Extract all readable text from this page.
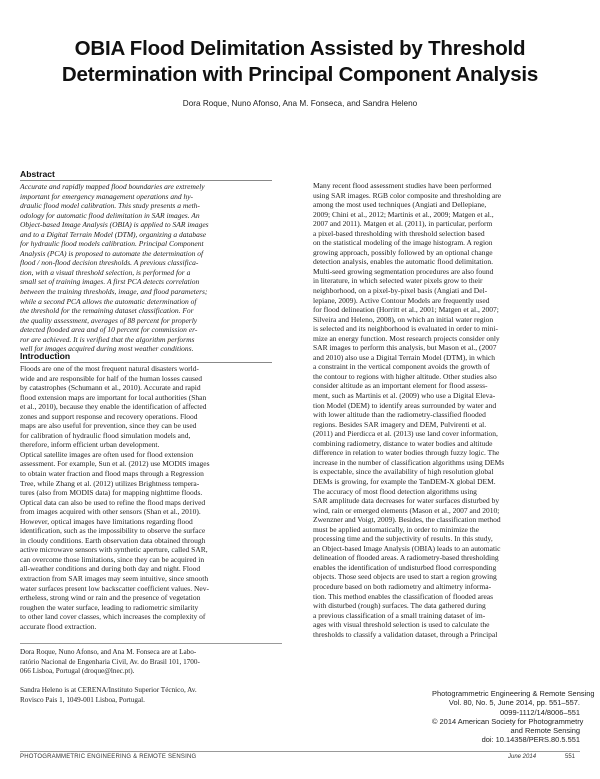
OBIA Flood Delimitation Assisted by Threshold
Determination with Principal Component Analysis
Dora Roque, Nuno Afonso, Ana M. Fonseca, and Sandra Heleno
Abstract
Accurate and rapidly mapped flood boundaries are extremely
important for emergency management operations and hy-
draulic flood model calibration. This study presents a meth-
odology for automatic flood delimitation in SAR images. An
Object-based Image Analysis (OBIA) is applied to SAR images
and to a Digital Terrain Model (DTM), organizing a database
for hydraulic flood models calibration. Principal Component
Analysis (PCA) is proposed to automate the determination of
flood / non-flood decision thresholds. A previous classifica-
tion, with a visual threshold selection, is performed for a
small set of training images. A first PCA detects correlation
between the training thresholds, image, and flood parameters;
while a second PCA allows the automatic determination of
the threshold for the remaining dataset classification. For
the quality assessment, averages of 88 percent for properly
detected flooded area and of 10 percent for commission er-
ror are achieved. It is verified that the algorithm performs
well for images acquired during most weather conditions.
Introduction
Floods are one of the most frequent natural disasters world-
wide and are responsible for half of the human losses caused
by catastrophes (Schumann et al., 2010). Accurate and rapid
flood extension maps are important for local authorities (Shan
et al., 2010), because they enable the identification of affected
zones and support response and recovery operations. Flood
maps are also useful for prevention, since they can be used
for calibration of hydraulic flood simulation models and,
therefore, inform efficient urban development.
Optical satellite images are often used for flood extension
assessment. For example, Sun et al. (2012) use MODIS images
to obtain water fraction and flood maps through a Regression
Tree, while Zhang et al. (2012) utilizes Brightness tempera-
tures (also from MODIS data) for mapping nighttime floods.
Optical data can also be used to refine the flood maps derived
from images acquired with other sensors (Shan et al., 2010).
However, optical images have limitations regarding flood
identification, such as the impossibility to observe the surface
in cloudy conditions. Earth observation data obtained through
active microwave sensors with synthetic aperture, called SAR,
can overcome those limitations, since they can be acquired in
all-weather conditions and during both day and night. Flood
extraction from SAR images may seem intuitive, since smooth
water surfaces present low backscatter coefficient values. Nev-
ertheless, strong wind or rain and the presence of vegetation
roughen the water surface, leading to radiometric similarity
to other land cover classes, which increases the complexity of
accurate flood extraction.
Dora Roque, Nuno Afonso, and Ana M. Fonseca are at Labo-
ratório Nacional de Engenharia Civil, Av. do Brasil 101, 1700-
066 Lisboa, Portugal (droque@lnec.pt).
Sandra Heleno is at CERENA/Instituto Superior Técnico, Av.
Rovisco Pais 1, 1049-001 Lisboa, Portugal.
Many recent flood assessment studies have been performed
using SAR images. RGB color composite and thresholding are
among the most used techniques (Angiati and Dellepiane,
2009; Chini et al., 2012; Martinis et al., 2009; Matgen et al.,
2007 and 2011). Matgen et al. (2011), in particular, perform
a pixel-based thresholding with threshold selection based
on the statistical modeling of the image histogram. A region
growing approach, possibly followed by an optional change
detection analysis, enables the automatic flood delimitation.
Multi-seed growing segmentation procedures are also found
in literature, in which selected water pixels grow to their
neighborhood, on a pixel-by-pixel basis (Angiati and Del-
lepiane, 2009). Active Contour Models are frequently used
for flood delineation (Horritt et al., 2001; Matgen et al., 2007;
Silveira and Heleno, 2008), on which an initial water region
is selected and its neighborhood is evaluated in order to mini-
mize an energy function. Most research projects consider only
SAR images to perform this analysis, but Mason et al., (2007
and 2010) also use a Digital Terrain Model (DTM), in which
a constraint in the vertical component avoids the growth of
the contour to regions with higher altitude. Other studies also
consider altitude as an important element for flood assess-
ment, such as Martinis et al. (2009) who use a Digital Eleva-
tion Model (DEM) to identify areas surrounded by water and
with lower altitude than the radiometry-classified flooded
regions. Besides SAR imagery and DEM, Pulvirenti et al.
(2011) and Pierdicca et al. (2013) use land cover information,
combining radiometry, distance to water bodies and altitude
difference in relation to water bodies through fuzzy logic. The
increase in the number of classification algorithms using DEMs
is expectable, since the availability of high resolution global
DEMs is growing, for example the TanDEM-X global DEM.
The accuracy of most flood detection algorithms using
SAR amplitude data decreases for water surfaces disturbed by
wind, rain or emerged elements (Mason et al., 2007 and 2010;
Zwenzner and Voigt, 2009). Besides, the classification method
must be applied automatically, in order to minimize the
processing time and the subjectivity of results. In this study,
an Object-based Image Analysis (OBIA) leads to an automatic
delineation of flooded areas. A radiometry-based thresholding
enables the identification of undisturbed flood corresponding
objects. Those seed objects are used to start a region growing
procedure based on both radiometry and altimetry informa-
tion. This method enables the classification of flooded areas
with disturbed (rough) surfaces. The data gathered during
a previous classification of a small training dataset of im-
ages with visual threshold selection is used to calculate the
thresholds to classify a validation dataset, through a Principal
Photogrammetric Engineering & Remote Sensing
Vol. 80, No. 5, June 2014, pp. 551–557.
0099-1112/14/8006–551
© 2014 American Society for Photogrammetry
and Remote Sensing
doi: 10.14358/PERS.80.5.551
PHOTOGRAMMETRIC ENGINEERING & REMOTE SENSING	June 2014	551
